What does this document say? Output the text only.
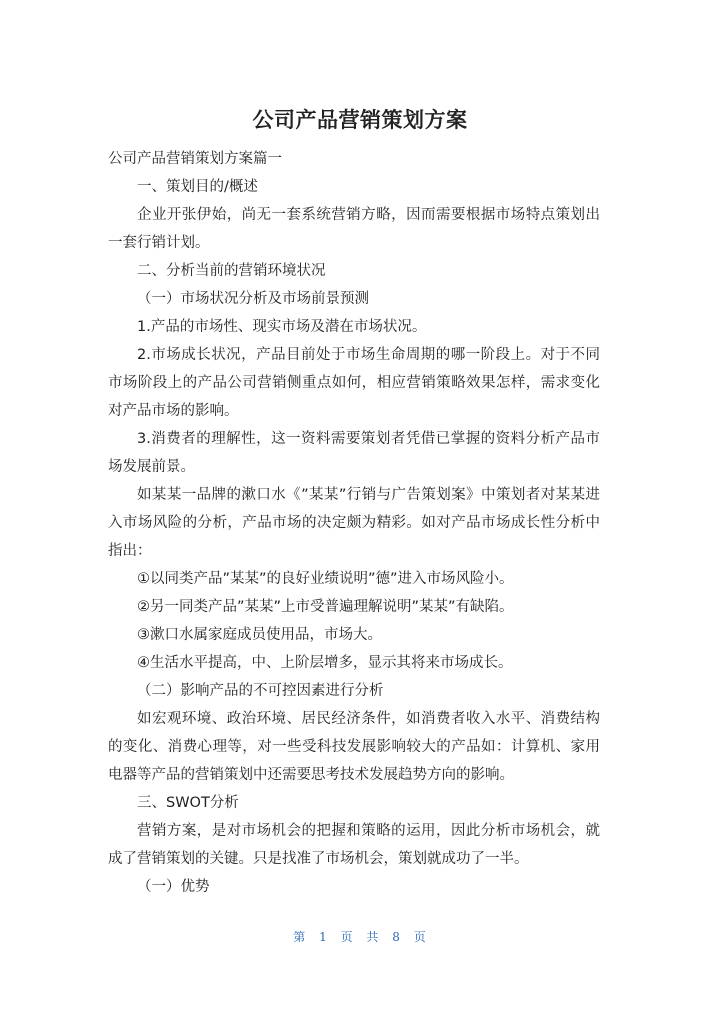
公司产品营销策划方案

公司产品营销策划方案篇一

一、策划目的/概述

企业开张伊始，尚无一套系统营销方略，因而需要根据市场特点策划出一套行销计划。

二、分析当前的营销环境状况

（一）市场状况分析及市场前景预测

1.产品的市场性、现实市场及潜在市场状况。

2.市场成长状况，产品目前处于市场生命周期的哪一阶段上。对于不同市场阶段上的产品公司营销侧重点如何，相应营销策略效果怎样，需求变化对产品市场的影响。

3.消费者的理解性，这一资料需要策划者凭借已掌握的资料分析产品市场发展前景。

如某某一品牌的漱口水《”某某”行销与广告策划案》中策划者对某某进入市场风险的分析，产品市场的决定颇为精彩。如对产品市场成长性分析中指出：

①以同类产品”某某”的良好业绩说明”德”进入市场风险小。

②另一同类产品”某某”上市受普遍理解说明”某某”有缺陷。

③漱口水属家庭成员使用品，市场大。

④生活水平提高，中、上阶层增多，显示其将来市场成长。

（二）影响产品的不可控因素进行分析

如宏观环境、政治环境、居民经济条件，如消费者收入水平、消费结构的变化、消费心理等，对一些受科技发展影响较大的产品如：计算机、家用电器等产品的营销策划中还需要思考技术发展趋势方向的影响。

三、SWOT分析

营销方案，是对市场机会的把握和策略的运用，因此分析市场机会，就成了营销策划的关键。只是找准了市场机会，策划就成功了一半。

（一）优势

第 1 页 共 8 页
